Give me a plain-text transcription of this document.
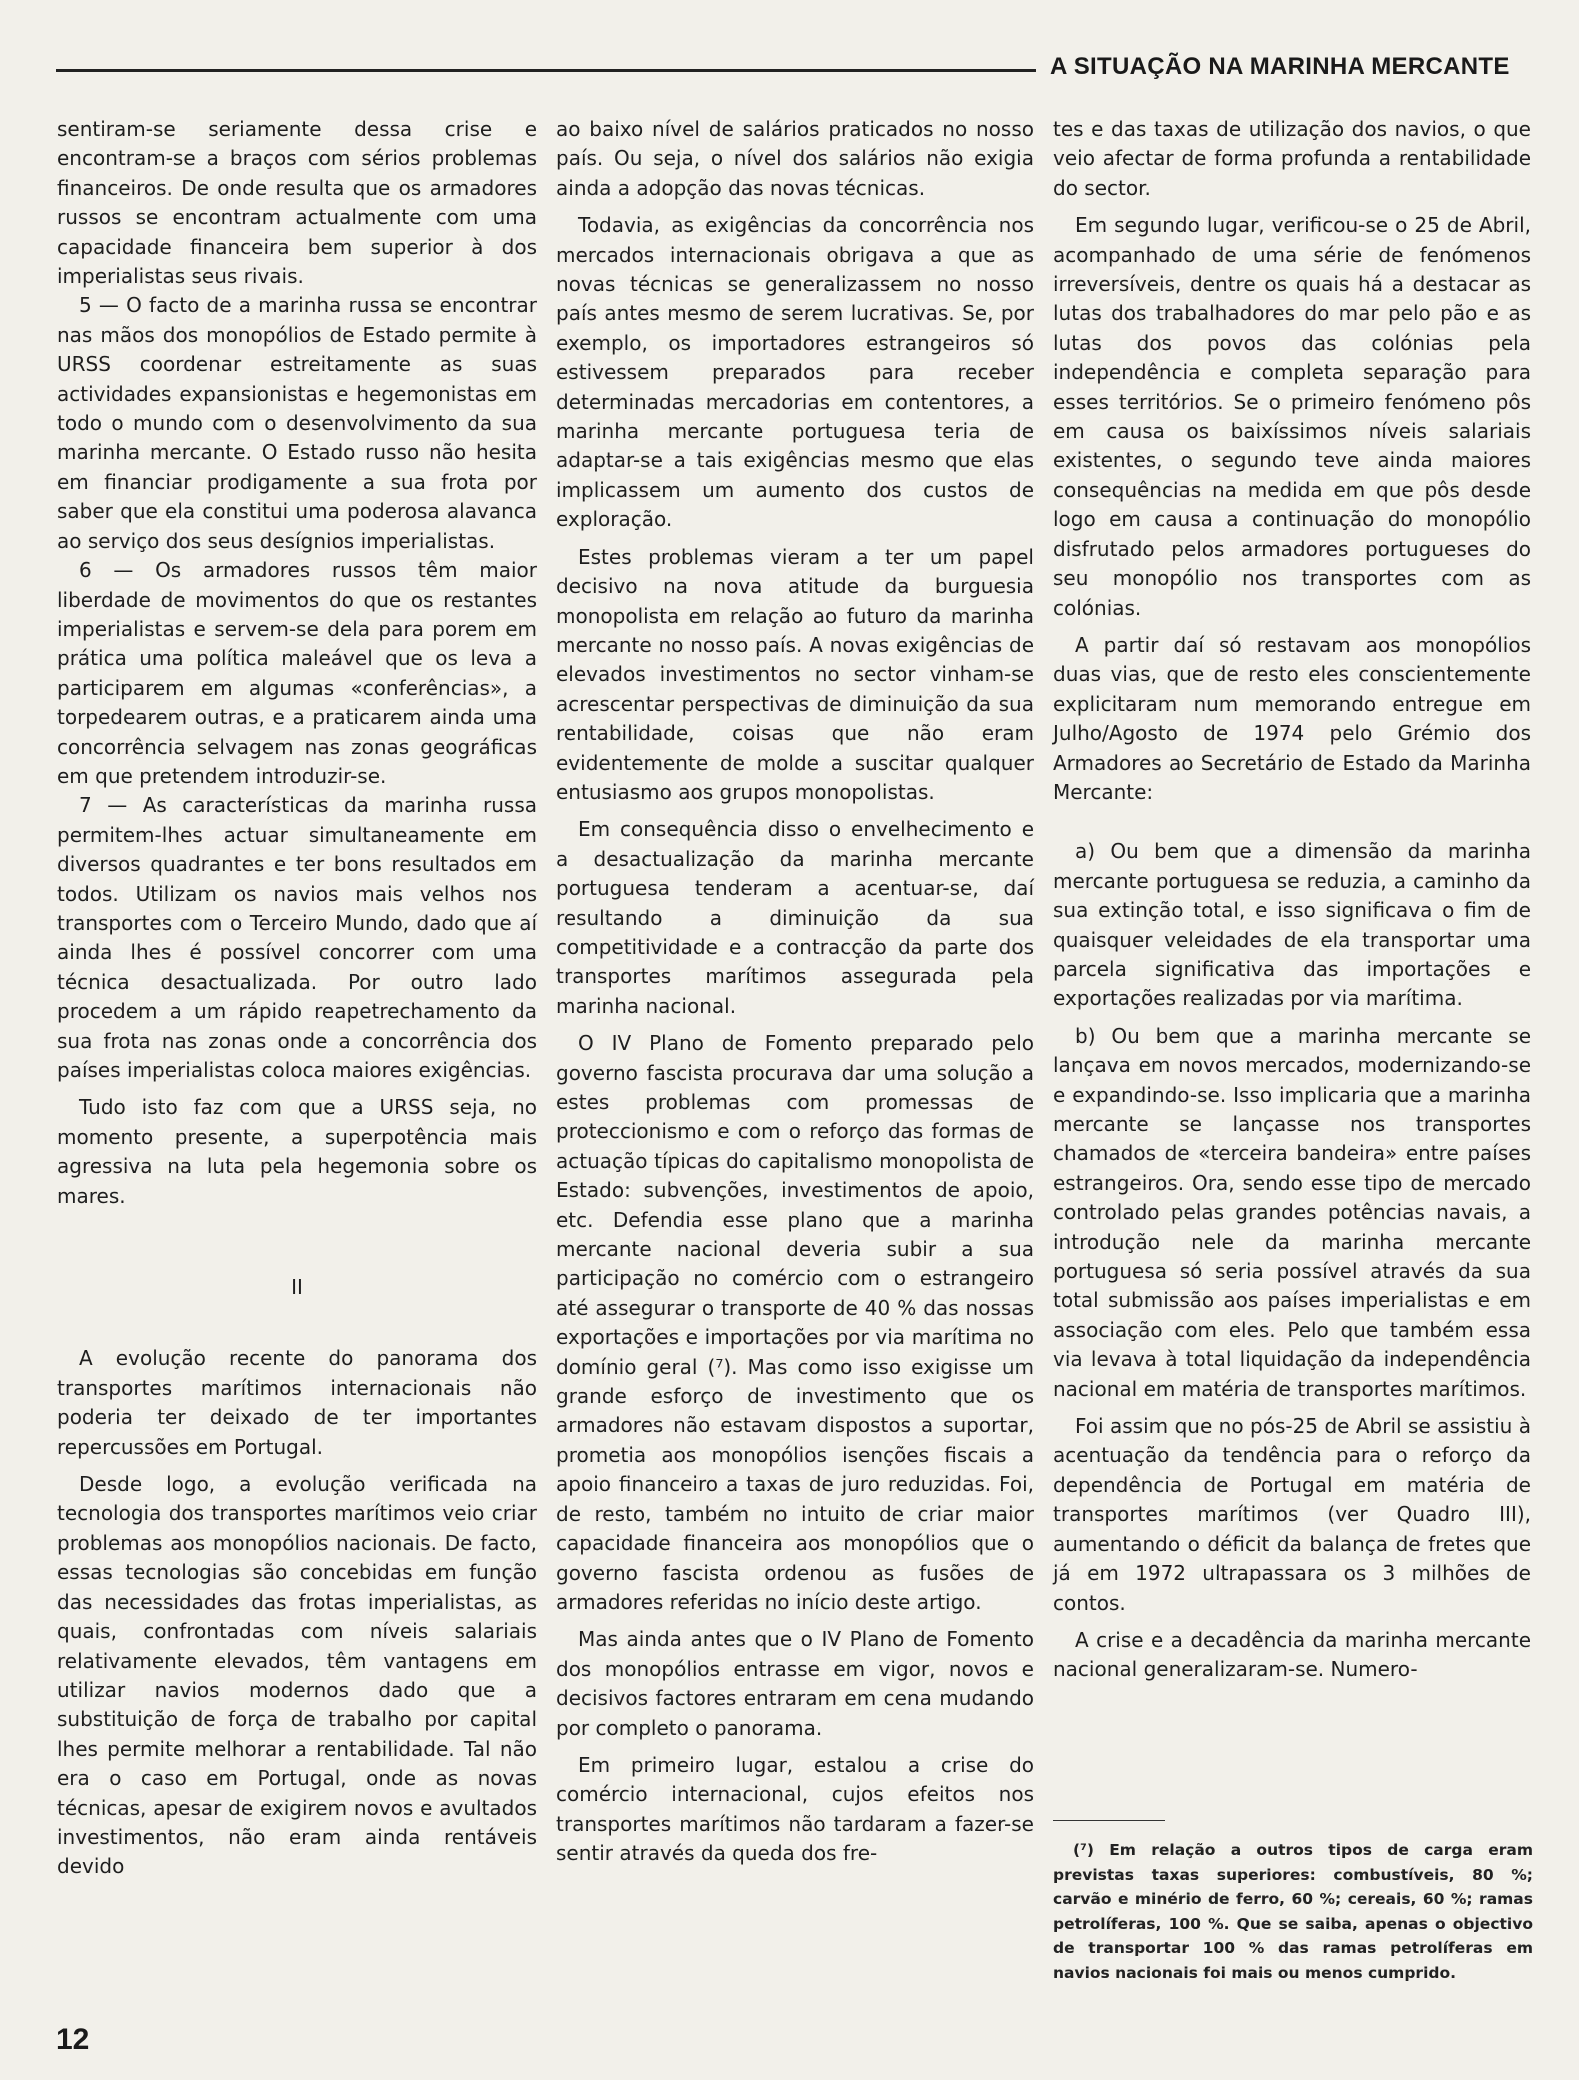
A SITUAÇÃO NA MARINHA MERCANTE

sentiram-se seriamente dessa crise e encontram-se a braços com sérios problemas financeiros. De onde resulta que os armadores russos se encontram actualmente com uma capacidade financeira bem superior à dos imperialistas seus rivais.

5 — O facto de a marinha russa se encontrar nas mãos dos monopólios de Estado permite à URSS coordenar estreitamente as suas actividades expansionistas e hegemonistas em todo o mundo com o desenvolvimento da sua marinha mercante. O Estado russo não hesita em financiar prodigamente a sua frota por saber que ela constitui uma poderosa alavanca ao serviço dos seus desígnios imperialistas.

6 — Os armadores russos têm maior liberdade de movimentos do que os restantes imperialistas e servem-se dela para porem em prática uma política maleável que os leva a participarem em algumas «conferências», a torpedearem outras, e a praticarem ainda uma concorrência selvagem nas zonas geográficas em que pretendem introduzir-se.

7 — As características da marinha russa permitem-lhes actuar simultaneamente em diversos quadrantes e ter bons resultados em todos. Utilizam os navios mais velhos nos transportes com o Terceiro Mundo, dado que aí ainda lhes é possível concorrer com uma técnica desactualizada. Por outro lado procedem a um rápido reapetrechamento da sua frota nas zonas onde a concorrência dos países imperialistas coloca maiores exigências.

Tudo isto faz com que a URSS seja, no momento presente, a superpotência mais agressiva na luta pela hegemonia sobre os mares.

II

A evolução recente do panorama dos transportes marítimos internacionais não poderia ter deixado de ter importantes repercussões em Portugal.

Desde logo, a evolução verificada na tecnologia dos transportes marítimos veio criar problemas aos monopólios nacionais. De facto, essas tecnologias são concebidas em função das necessidades das frotas imperialistas, as quais, confrontadas com níveis salariais relativamente elevados, têm vantagens em utilizar navios modernos dado que a substituição de força de trabalho por capital lhes permite melhorar a rentabilidade. Tal não era o caso em Portugal, onde as novas técnicas, apesar de exigirem novos e avultados investimentos, não eram ainda rentáveis devido

ao baixo nível de salários praticados no nosso país. Ou seja, o nível dos salários não exigia ainda a adopção das novas técnicas.

Todavia, as exigências da concorrência nos mercados internacionais obrigava a que as novas técnicas se generalizassem no nosso país antes mesmo de serem lucrativas. Se, por exemplo, os importadores estrangeiros só estivessem preparados para receber determinadas mercadorias em contentores, a marinha mercante portuguesa teria de adaptar-se a tais exigências mesmo que elas implicassem um aumento dos custos de exploração.

Estes problemas vieram a ter um papel decisivo na nova atitude da burguesia monopolista em relação ao futuro da marinha mercante no nosso país. A novas exigências de elevados investimentos no sector vinham-se acrescentar perspectivas de diminuição da sua rentabilidade, coisas que não eram evidentemente de molde a suscitar qualquer entusiasmo aos grupos monopolistas.

Em consequência disso o envelhecimento e a desactualização da marinha mercante portuguesa tenderam a acentuar-se, daí resultando a diminuição da sua competitividade e a contracção da parte dos transportes marítimos assegurada pela marinha nacional.

O IV Plano de Fomento preparado pelo governo fascista procurava dar uma solução a estes problemas com promessas de proteccionismo e com o reforço das formas de actuação típicas do capitalismo monopolista de Estado: subvenções, investimentos de apoio, etc. Defendia esse plano que a marinha mercante nacional deveria subir a sua participação no comércio com o estrangeiro até assegurar o transporte de 40 % das nossas exportações e importações por via marítima no domínio geral (⁷). Mas como isso exigisse um grande esforço de investimento que os armadores não estavam dispostos a suportar, prometia aos monopólios isenções fiscais a apoio financeiro a taxas de juro reduzidas. Foi, de resto, também no intuito de criar maior capacidade financeira aos monopólios que o governo fascista ordenou as fusões de armadores referidas no início deste artigo.

Mas ainda antes que o IV Plano de Fomento dos monopólios entrasse em vigor, novos e decisivos factores entraram em cena mudando por completo o panorama.

Em primeiro lugar, estalou a crise do comércio internacional, cujos efeitos nos transportes marítimos não tardaram a fazer-se sentir através da queda dos fre-

tes e das taxas de utilização dos navios, o que veio afectar de forma profunda a rentabilidade do sector.

Em segundo lugar, verificou-se o 25 de Abril, acompanhado de uma série de fenómenos irreversíveis, dentre os quais há a destacar as lutas dos trabalhadores do mar pelo pão e as lutas dos povos das colónias pela independência e completa separação para esses territórios. Se o primeiro fenómeno pôs em causa os baixíssimos níveis salariais existentes, o segundo teve ainda maiores consequências na medida em que pôs desde logo em causa a continuação do monopólio disfrutado pelos armadores portugueses do seu monopólio nos transportes com as colónias.

A partir daí só restavam aos monopólios duas vias, que de resto eles conscientemente explicitaram num memorando entregue em Julho/Agosto de 1974 pelo Grémio dos Armadores ao Secretário de Estado da Marinha Mercante:

a) Ou bem que a dimensão da marinha mercante portuguesa se reduzia, a caminho da sua extinção total, e isso significava o fim de quaisquer veleidades de ela transportar uma parcela significativa das importações e exportações realizadas por via marítima.

b) Ou bem que a marinha mercante se lançava em novos mercados, modernizando-se e expandindo-se. Isso implicaria que a marinha mercante se lançasse nos transportes chamados de «terceira bandeira» entre países estrangeiros. Ora, sendo esse tipo de mercado controlado pelas grandes potências navais, a introdução nele da marinha mercante portuguesa só seria possível através da sua total submissão aos países imperialistas e em associação com eles. Pelo que também essa via levava à total liquidação da independência nacional em matéria de transportes marítimos.

Foi assim que no pós-25 de Abril se assistiu à acentuação da tendência para o reforço da dependência de Portugal em matéria de transportes marítimos (ver Quadro III), aumentando o déficit da balança de fretes que já em 1972 ultrapassara os 3 milhões de contos.

A crise e a decadência da marinha mercante nacional generalizaram-se. Numero-

(⁷) Em relação a outros tipos de carga eram previstas taxas superiores: combustíveis, 80 %; carvão e minério de ferro, 60 %; cereais, 60 %; ramas petrolíferas, 100 %. Que se saiba, apenas o objectivo de transportar 100 % das ramas petrolíferas em navios nacionais foi mais ou menos cumprido.

12
